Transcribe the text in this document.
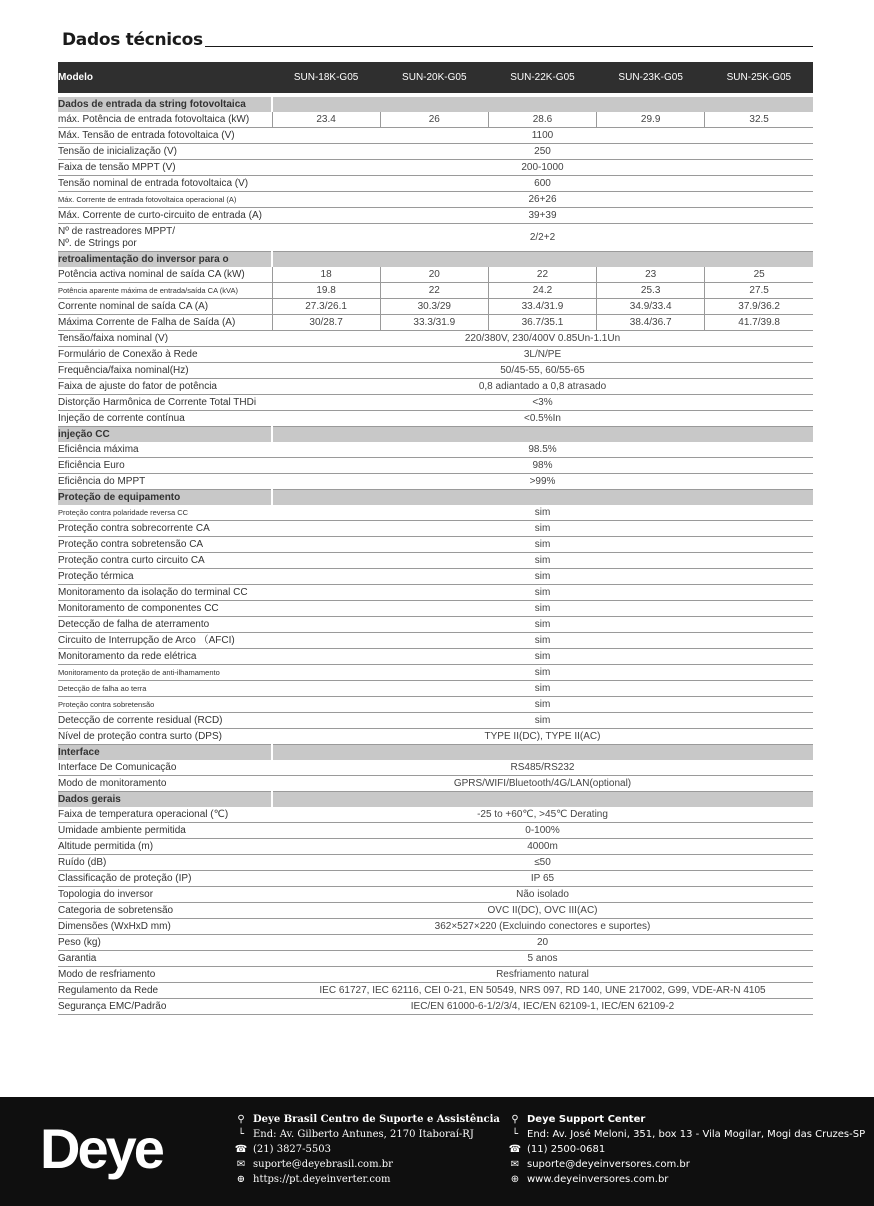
Dados técnicos
Modelo	SUN-18K-G05	SUN-20K-G05	SUN-22K-G05	SUN-23K-G05	SUN-25K-G05

Dados de entrada da string fotovoltaica					
máx. Potência de entrada fotovoltaica (kW)	23.4	26	28.6	29.9	32.5
Máx. Tensão de entrada fotovoltaica (V)	1100				
Tensão de inicialização (V)	250				
Faixa de tensão MPPT (V)	200-1000				
Tensão nominal de entrada fotovoltaica (V)	600				
Máx. Corrente de entrada fotovoltaica operacional (A)	26+26				
Máx. Corrente de curto-circuito de entrada (A)	39+39				
Nº de rastreadores MPPT/
Nº. de Strings por	2/2+2				
retroalimentação do inversor para o					
Potência activa nominal de saída CA (kW)	18	20	22	23	25
Potência aparente máxima de entrada/saída CA (kVA)	19.8	22	24.2	25.3	27.5
Corrente nominal de saída CA (A)	27.3/26.1	30.3/29	33.4/31.9	34.9/33.4	37.9/36.2
Máxima Corrente de Falha de Saída (A)	30/28.7	33.3/31.9	36.7/35.1	38.4/36.7	41.7/39.8
Tensão/faixa nominal (V)	220/380V, 230/400V 0.85Un-1.1Un				
Formulário de Conexão à Rede	3L/N/PE				
Frequência/faixa nominal(Hz)	50/45-55, 60/55-65				
Faixa de ajuste do fator de potência	0,8 adiantado a 0,8 atrasado				
Distorção Harmônica de Corrente Total THDi	<3%				
Injeção de corrente contínua	<0.5%In				
injeção CC					
Eficiência máxima	98.5%				
Eficiência Euro	98%				
Eficiência do MPPT	>99%				
Proteção de equipamento					
Proteção contra polaridade reversa CC	sim				
Proteção contra sobrecorrente CA	sim				
Proteção contra sobretensão CA	sim				
Proteção contra curto circuito CA	sim				
Proteção térmica	sim				
Monitoramento da isolação do terminal CC	sim				
Monitoramento de componentes CC	sim				
Detecção de falha de aterramento	sim				
Circuito de Interrupção de Arco （AFCI)	sim				
Monitoramento da rede elétrica	sim				
Monitoramento da proteção de anti-ilhamamento	sim				
Detecção de falha ao terra	sim				
Proteção contra sobretensão	sim				
Detecção de corrente residual (RCD)	sim				
Nível de proteção contra surto (DPS)	TYPE II(DC), TYPE II(AC)				
Interface					
Interface De Comunicação	RS485/RS232				
Modo de monitoramento	GPRS/WIFI/Bluetooth/4G/LAN(optional)				
Dados gerais					
Faixa de temperatura operacional (℃)	-25 to +60℃, >45℃ Derating				
Umidade ambiente permitida	0-100%				
Altitude permitida (m)	4000m				
Ruído (dB)	≤50				
Classificação de proteção (IP)	IP 65				
Topologia do inversor	Não isolado				
Categoria de sobretensão	OVC II(DC), OVC III(AC)				
Dimensões (WxHxD mm)	362×527×220 (Excluindo conectores e suportes)				
Peso (kg)	20				
Garantia	5 anos				
Modo de resfriamento	Resfriamento natural				
Regulamento da Rede	IEC 61727, IEC 62116, CEI 0-21, EN 50549, NRS 097, RD 140, UNE 217002, G99, VDE-AR-N 4105				
Segurança EMC/Padrão	IEC/EN 61000-6-1/2/3/4, IEC/EN 62109-1, IEC/EN 62109-2				
Deye	⚲ Deye Brasil Centro de Suporte e Assistência
└ End: Av. Gilberto Antunes, 2170 Itaboraí-RJ
☎ (21) 3827-5503
✉ suporte@deyebrasil.com.br
⊕ https://pt.deyeinverter.com
⚲ Deye Support Center
└ End: Av. José Meloni, 351, box 13 - Vila Mogilar, Mogi das Cruzes-SP
☎ (11) 2500-0681
✉ suporte@deyeinversores.com.br
⊕ www.deyeinversores.com.br
